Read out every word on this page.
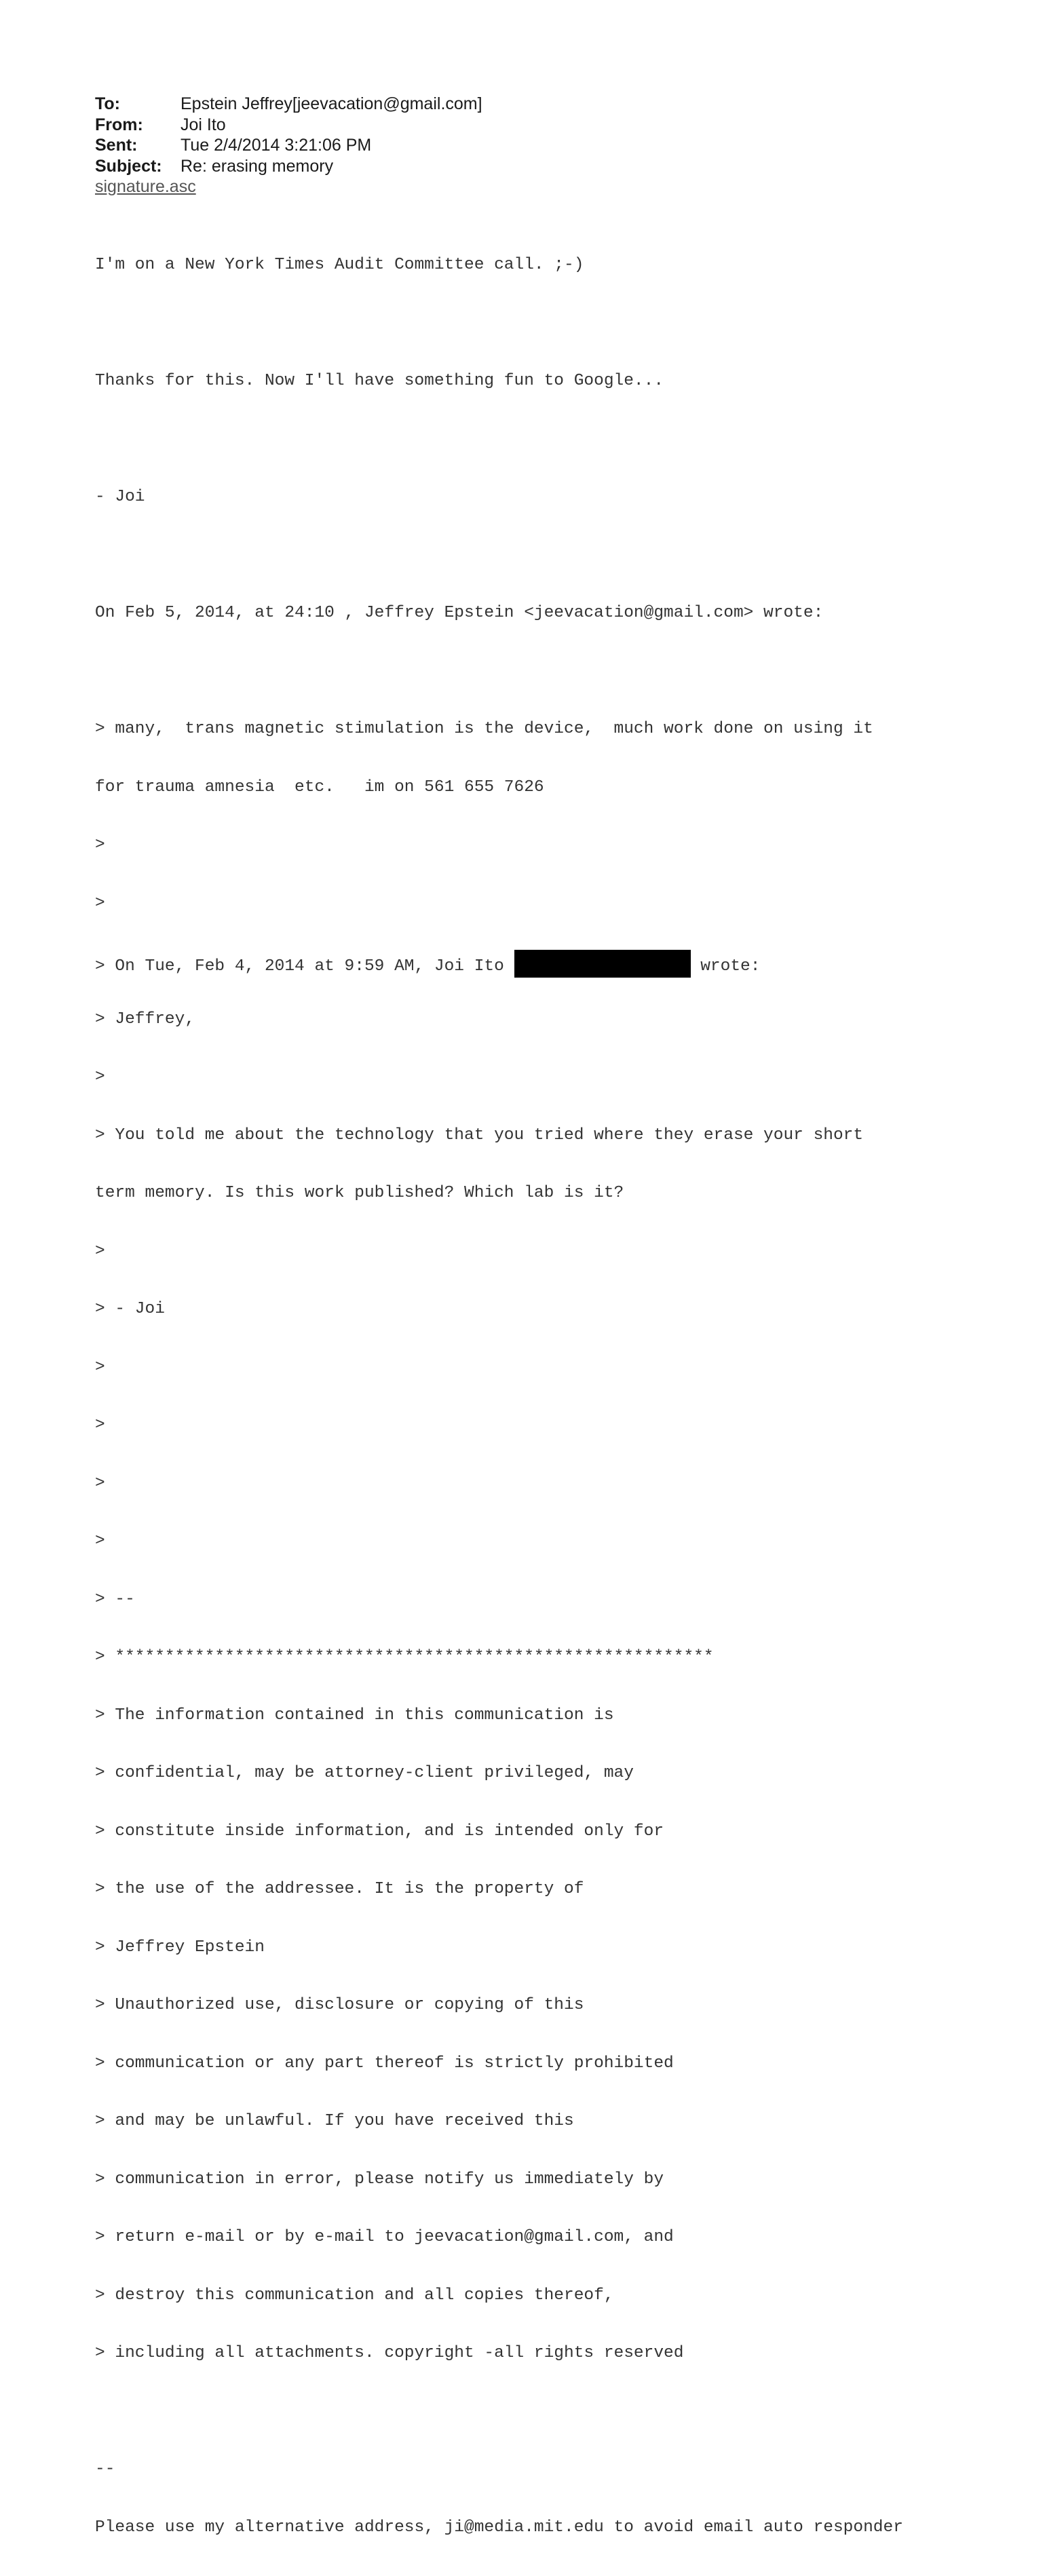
To:	Epstein Jeffrey[jeevacation@gmail.com]
From:	Joi Ito
Sent:	Tue 2/4/2014 3:21:06 PM
Subject:	Re: erasing memory
signature.asc

I'm on a New York Times Audit Committee call. ;-)

Thanks for this. Now I'll have something fun to Google...

- Joi

On Feb 5, 2014, at 24:10 , Jeffrey Epstein <jeevacation@gmail.com> wrote:

> many,  trans magnetic stimulation is the device,  much work done on using it

for trauma amnesia  etc.   im on 561 655 7626

>

>

> On Tue, Feb 4, 2014 at 9:59 AM, Joi Ito	wrote:

> Jeffrey,

>

> You told me about the technology that you tried where they erase your short

term memory. Is this work published? Which lab is it?

>

> - Joi

>

>

>

>

> --

> ************************************************************

> The information contained in this communication is

> confidential, may be attorney-client privileged, may

> constitute inside information, and is intended only for

> the use of the addressee. It is the property of

> Jeffrey Epstein

> Unauthorized use, disclosure or copying of this

> communication or any part thereof is strictly prohibited

> and may be unlawful. If you have received this

> communication in error, please notify us immediately by

> return e-mail or by e-mail to jeevacation@gmail.com, and

> destroy this communication and all copies thereof,

> including all attachments. copyright -all rights reserved

--

Please use my alternative address, ji@media.mit.edu to avoid email auto responder
